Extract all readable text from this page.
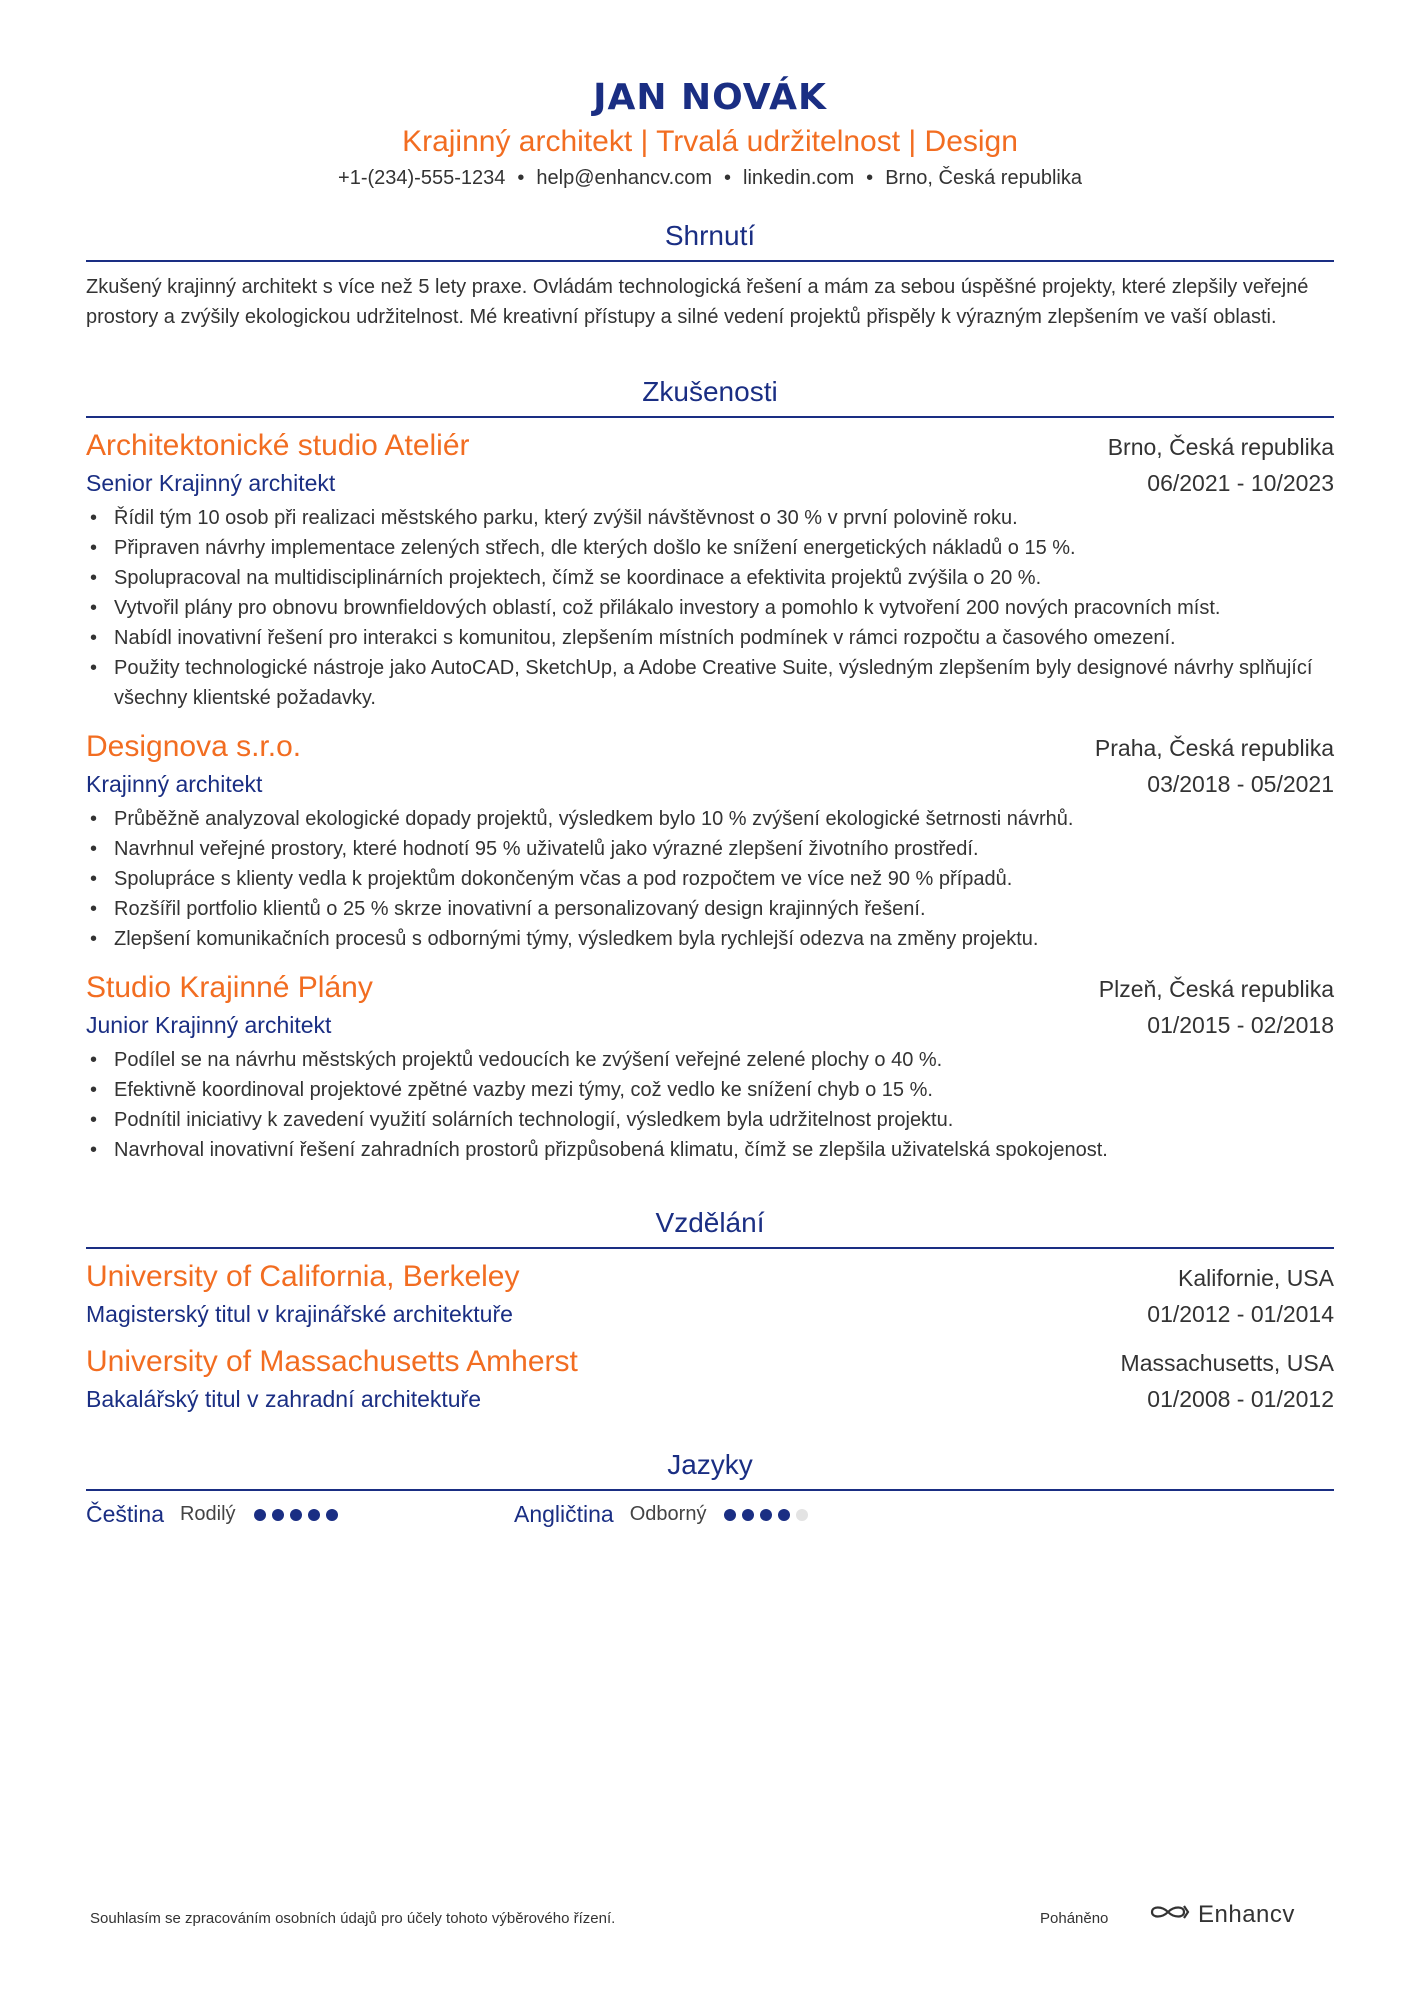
JAN NOVÁK
Krajinný architekt | Trvalá udržitelnost | Design
+1-(234)-555-1234 • help@enhancv.com • linkedin.com • Brno, Česká republika
Shrnutí
Zkušený krajinný architekt s více než 5 lety praxe. Ovládám technologická řešení a mám za sebou úspěšné projekty, které zlepšily veřejné prostory a zvýšily ekologickou udržitelnost. Mé kreativní přístupy a silné vedení projektů přispěly k výrazným zlepšením ve vaší oblasti.
Zkušenosti
Architektonické studio Ateliér	Brno, Česká republika
Senior Krajinný architekt	06/2021 - 10/2023
• Řídil tým 10 osob při realizaci městského parku, který zvýšil návštěvnost o 30 % v první polovině roku.
• Připraven návrhy implementace zelených střech, dle kterých došlo ke snížení energetických nákladů o 15 %.
• Spolupracoval na multidisciplinárních projektech, čímž se koordinace a efektivita projektů zvýšila o 20 %.
• Vytvořil plány pro obnovu brownfieldových oblastí, což přilákalo investory a pomohlo k vytvoření 200 nových pracovních míst.
• Nabídl inovativní řešení pro interakci s komunitou, zlepšením místních podmínek v rámci rozpočtu a časového omezení.
• Použity technologické nástroje jako AutoCAD, SketchUp, a Adobe Creative Suite, výsledným zlepšením byly designové návrhy splňující všechny klientské požadavky.
Designova s.r.o.	Praha, Česká republika
Krajinný architekt	03/2018 - 05/2021
• Průběžně analyzoval ekologické dopady projektů, výsledkem bylo 10 % zvýšení ekologické šetrnosti návrhů.
• Navrhnul veřejné prostory, které hodnotí 95 % uživatelů jako výrazné zlepšení životního prostředí.
• Spolupráce s klienty vedla k projektům dokončeným včas a pod rozpočtem ve více než 90 % případů.
• Rozšířil portfolio klientů o 25 % skrze inovativní a personalizovaný design krajinných řešení.
• Zlepšení komunikačních procesů s odbornými týmy, výsledkem byla rychlejší odezva na změny projektu.
Studio Krajinné Plány	Plzeň, Česká republika
Junior Krajinný architekt	01/2015 - 02/2018
• Podílel se na návrhu městských projektů vedoucích ke zvýšení veřejné zelené plochy o 40 %.
• Efektivně koordinoval projektové zpětné vazby mezi týmy, což vedlo ke snížení chyb o 15 %.
• Podnítil iniciativy k zavedení využití solárních technologií, výsledkem byla udržitelnost projektu.
• Navrhoval inovativní řešení zahradních prostorů přizpůsobená klimatu, čímž se zlepšila uživatelská spokojenost.
Vzdělání
University of California, Berkeley	Kalifornie, USA
Magisterský titul v krajinářské architektuře	01/2012 - 01/2014
University of Massachusetts Amherst	Massachusetts, USA
Bakalářský titul v zahradní architektuře	01/2008 - 01/2012
Jazyky
Čeština Rodilý	Angličtina Odborný
Souhlasím se zpracováním osobních údajů pro účely tohoto výběrového řízení.	Poháněno	Enhancv
